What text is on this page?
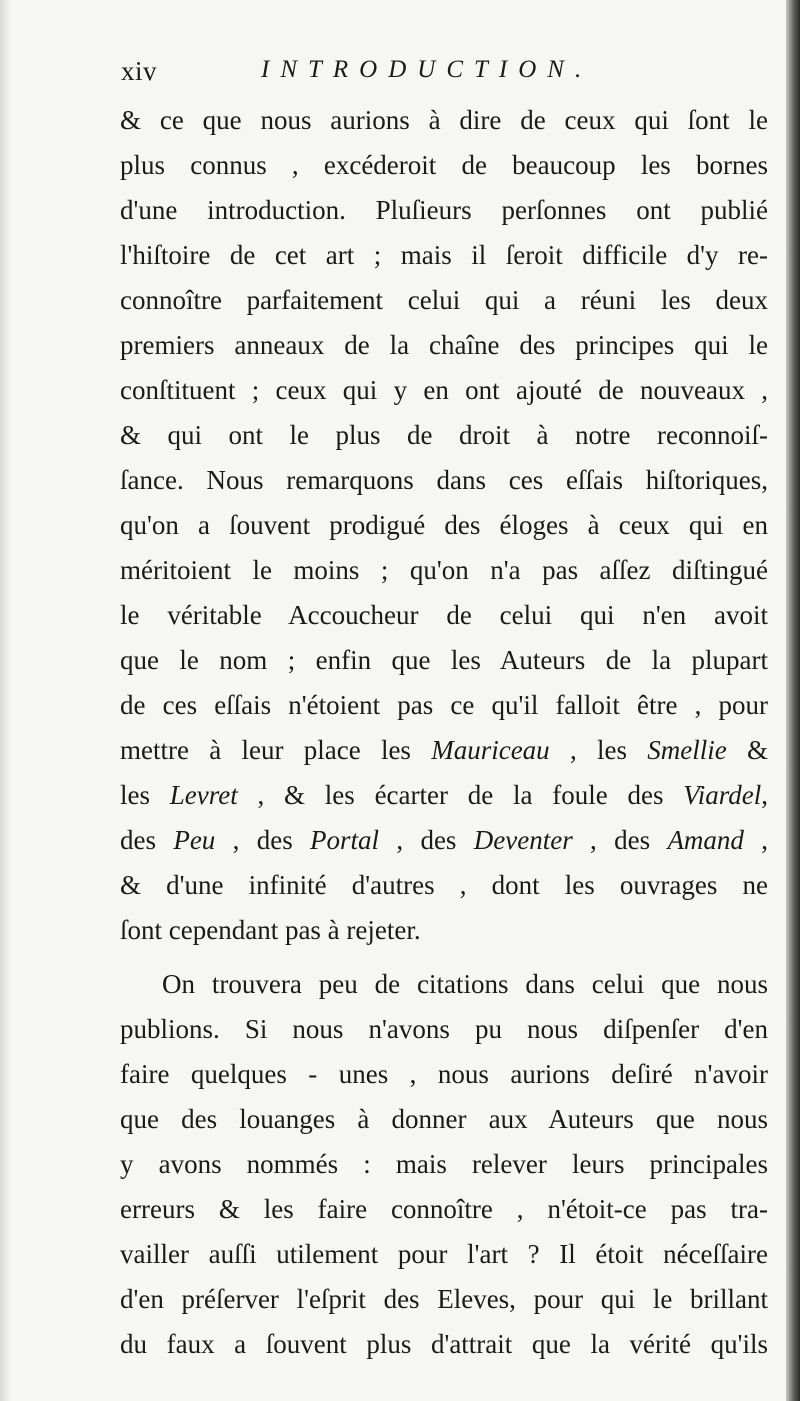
xiv	INTRODUCTION.
& ce que nous aurions à dire de ceux qui ſont le
plus connus , excéderoit de beaucoup les bornes
d'une introduction. Pluſieurs perſonnes ont publié
l'hiſtoire de cet art ; mais il ſeroit difficile d'y re-
connoître parfaitement celui qui a réuni les deux
premiers anneaux de la chaîne des principes qui le
conſtituent ; ceux qui y en ont ajouté de nouveaux ,
& qui ont le plus de droit à notre reconnoiſ-
ſance. Nous remarquons dans ces eſſais hiſtoriques,
qu'on a ſouvent prodigué des éloges à ceux qui en
méritoient le moins ; qu'on n'a pas aſſez diſtingué
le véritable Accoucheur de celui qui n'en avoit
que le nom ; enfin que les Auteurs de la plupart
de ces eſſais n'étoient pas ce qu'il falloit être , pour
mettre à leur place les Mauriceau , les Smellie &
les Levret , & les écarter de la foule des Viardel,
des Peu , des Portal , des Deventer , des Amand ,
& d'une infinité d'autres , dont les ouvrages ne
ſont cependant pas à rejeter.
On trouvera peu de citations dans celui que nous
publions. Si nous n'avons pu nous diſpenſer d'en
faire quelques - unes , nous aurions deſiré n'avoir
que des louanges à donner aux Auteurs que nous
y avons nommés : mais relever leurs principales
erreurs & les faire connoître , n'étoit-ce pas tra-
vailler auſſi utilement pour l'art ? Il étoit néceſſaire
d'en préſerver l'eſprit des Eleves, pour qui le brillant
du faux a ſouvent plus d'attrait que la vérité qu'ils
